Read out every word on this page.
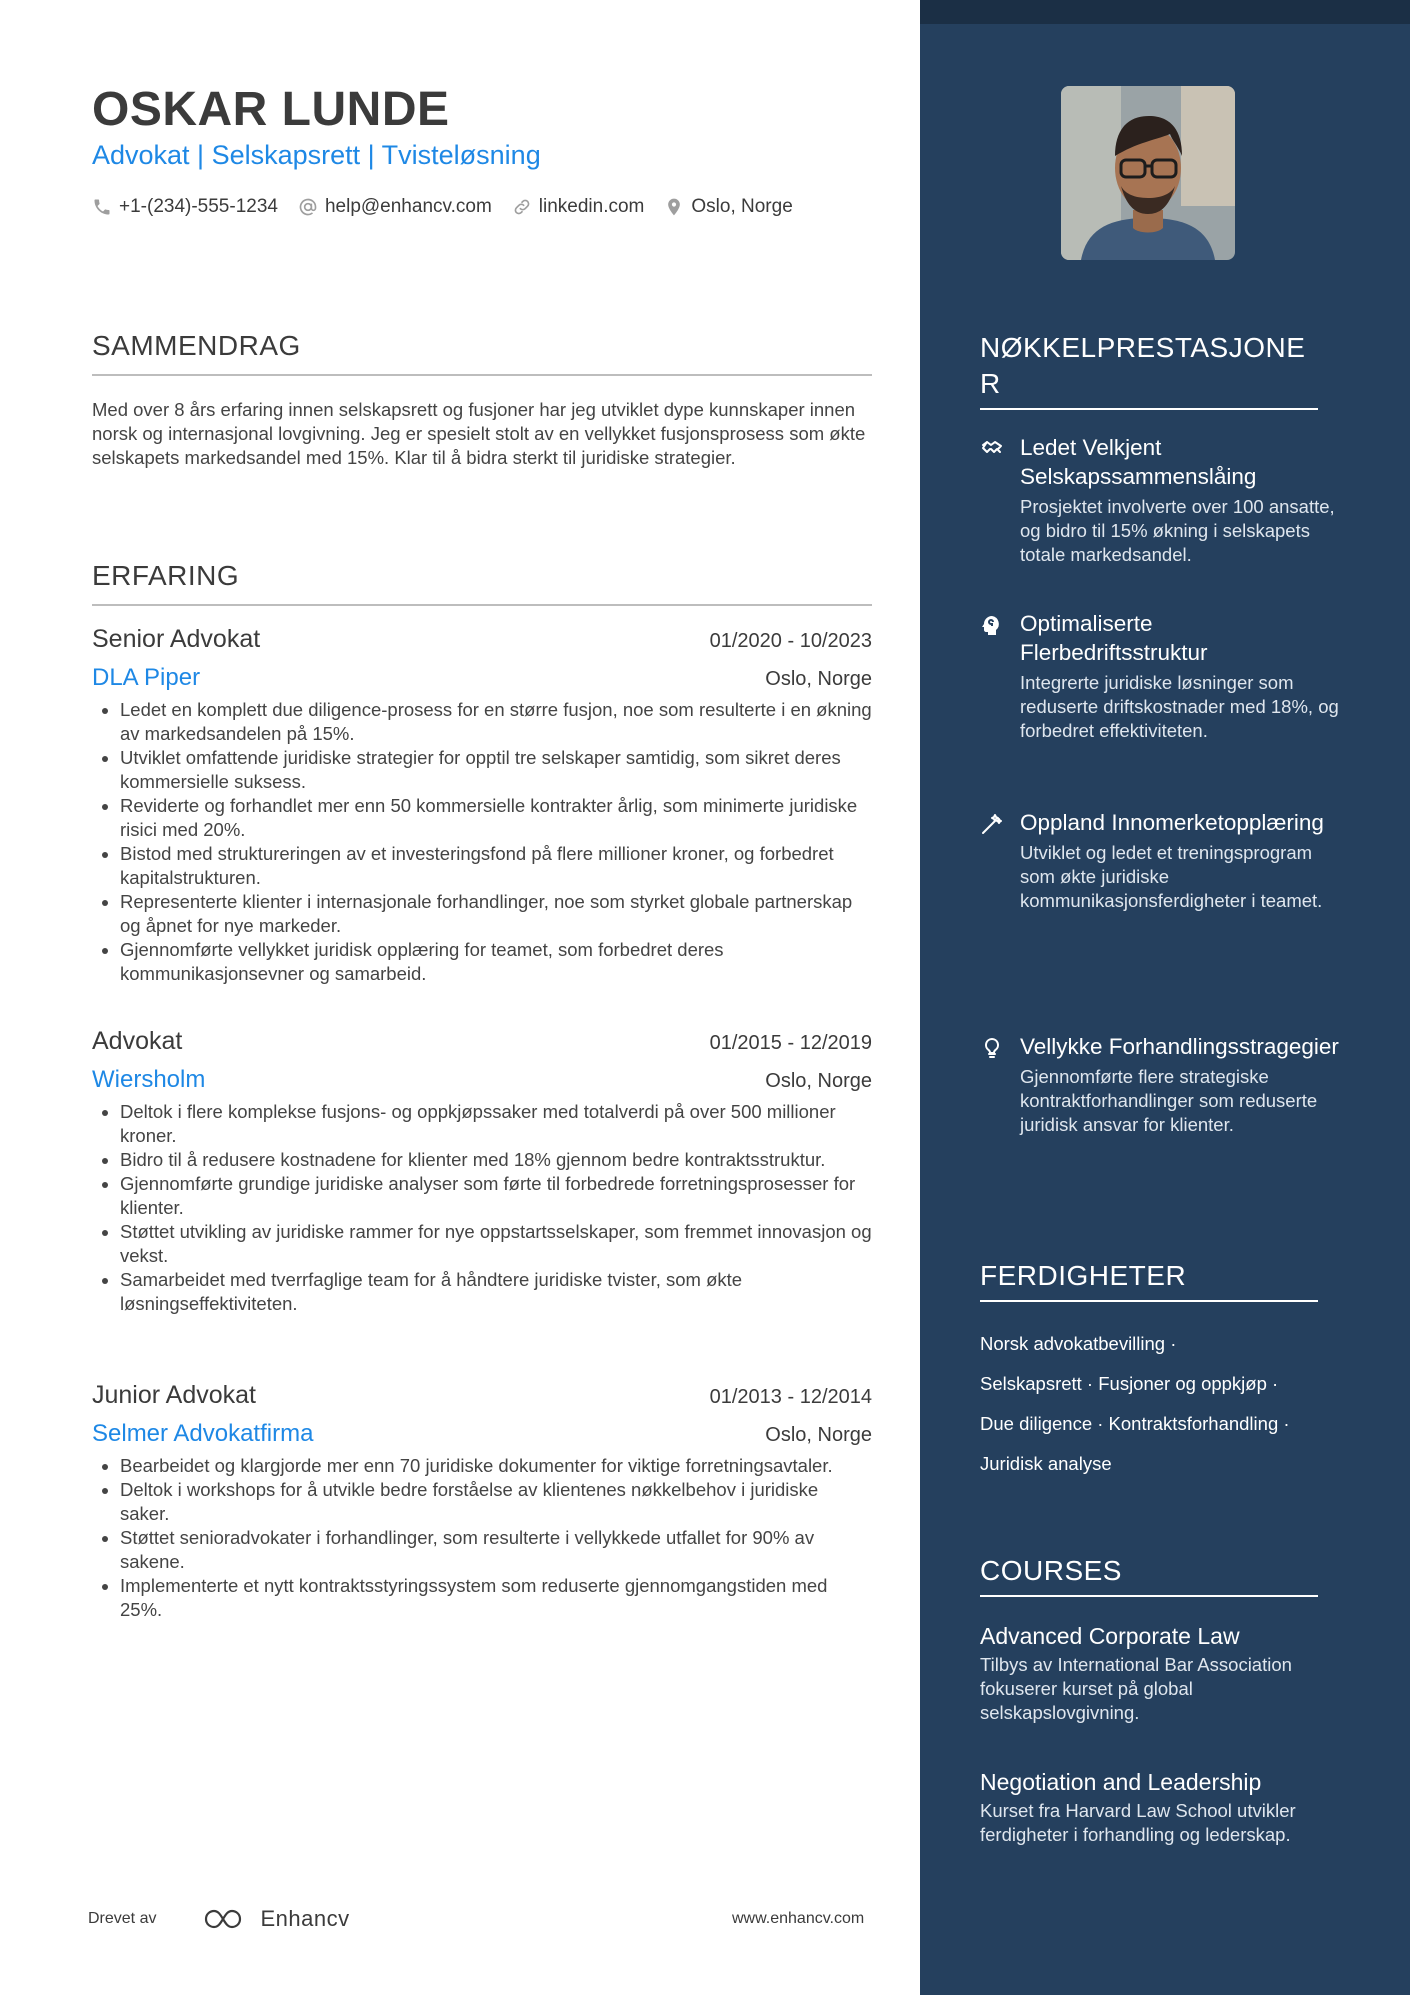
OSKAR LUNDE
Advokat | Selskapsrett | Tvisteløsning
+1-(234)-555-1234 help@enhancv.com linkedin.com Oslo, Norge
SAMMENDRAG
Med over 8 års erfaring innen selskapsrett og fusjoner har jeg utviklet dype kunnskaper innen norsk og internasjonal lovgivning. Jeg er spesielt stolt av en vellykket fusjonsprosess som økte selskapets markedsandel med 15%. Klar til å bidra sterkt til juridiske strategier.
ERFARING
Senior Advokat	01/2020 - 10/2023
DLA Piper	Oslo, Norge
• Ledet en komplett due diligence-prosess for en større fusjon, noe som resulterte i en økning av markedsandelen på 15%.
• Utviklet omfattende juridiske strategier for opptil tre selskaper samtidig, som sikret deres kommersielle suksess.
• Reviderte og forhandlet mer enn 50 kommersielle kontrakter årlig, som minimerte juridiske risici med 20%.
• Bistod med struktureringen av et investeringsfond på flere millioner kroner, og forbedret kapitalstrukturen.
• Representerte klienter i internasjonale forhandlinger, noe som styrket globale partnerskap og åpnet for nye markeder.
• Gjennomførte vellykket juridisk opplæring for teamet, som forbedret deres kommunikasjonsevner og samarbeid.
Advokat	01/2015 - 12/2019
Wiersholm	Oslo, Norge
• Deltok i flere komplekse fusjons- og oppkjøpssaker med totalverdi på over 500 millioner kroner.
• Bidro til å redusere kostnadene for klienter med 18% gjennom bedre kontraktsstruktur.
• Gjennomførte grundige juridiske analyser som førte til forbedrede forretningsprosesser for klienter.
• Støttet utvikling av juridiske rammer for nye oppstartsselskaper, som fremmet innovasjon og vekst.
• Samarbeidet med tverrfaglige team for å håndtere juridiske tvister, som økte løsningseffektiviteten.
Junior Advokat	01/2013 - 12/2014
Selmer Advokatfirma	Oslo, Norge
• Bearbeidet og klargjorde mer enn 70 juridiske dokumenter for viktige forretningsavtaler.
• Deltok i workshops for å utvikle bedre forståelse av klientenes nøkkelbehov i juridiske saker.
• Støttet senioradvokater i forhandlinger, som resulterte i vellykkede utfallet for 90% av sakene.
• Implementerte et nytt kontraktsstyringssystem som reduserte gjennomgangstiden med 25%.
Drevet av	Enhancv	www.enhancv.com
NØKKELPRESTASJONER
Ledet Velkjent Selskapssammenslåing
Prosjektet involverte over 100 ansatte, og bidro til 15% økning i selskapets totale markedsandel.
Optimaliserte Flerbedriftsstruktur
Integrerte juridiske løsninger som reduserte driftskostnader med 18%, og forbedret effektiviteten.
Oppland Innomerketopplæring
Utviklet og ledet et treningsprogram som økte juridiske kommunikasjonsferdigheter i teamet.
Vellykke Forhandlingsstragegier
Gjennomførte flere strategiske kontraktforhandlinger som reduserte juridisk ansvar for klienter.
FERDIGHETER
Norsk advokatbevilling ·
Selskapsrett · Fusjoner og oppkjøp ·
Due diligence · Kontraktsforhandling ·
Juridisk analyse
COURSES
Advanced Corporate Law
Tilbys av International Bar Association fokuserer kurset på global selskapslovgivning.
Negotiation and Leadership
Kurset fra Harvard Law School utvikler ferdigheter i forhandling og lederskap.
